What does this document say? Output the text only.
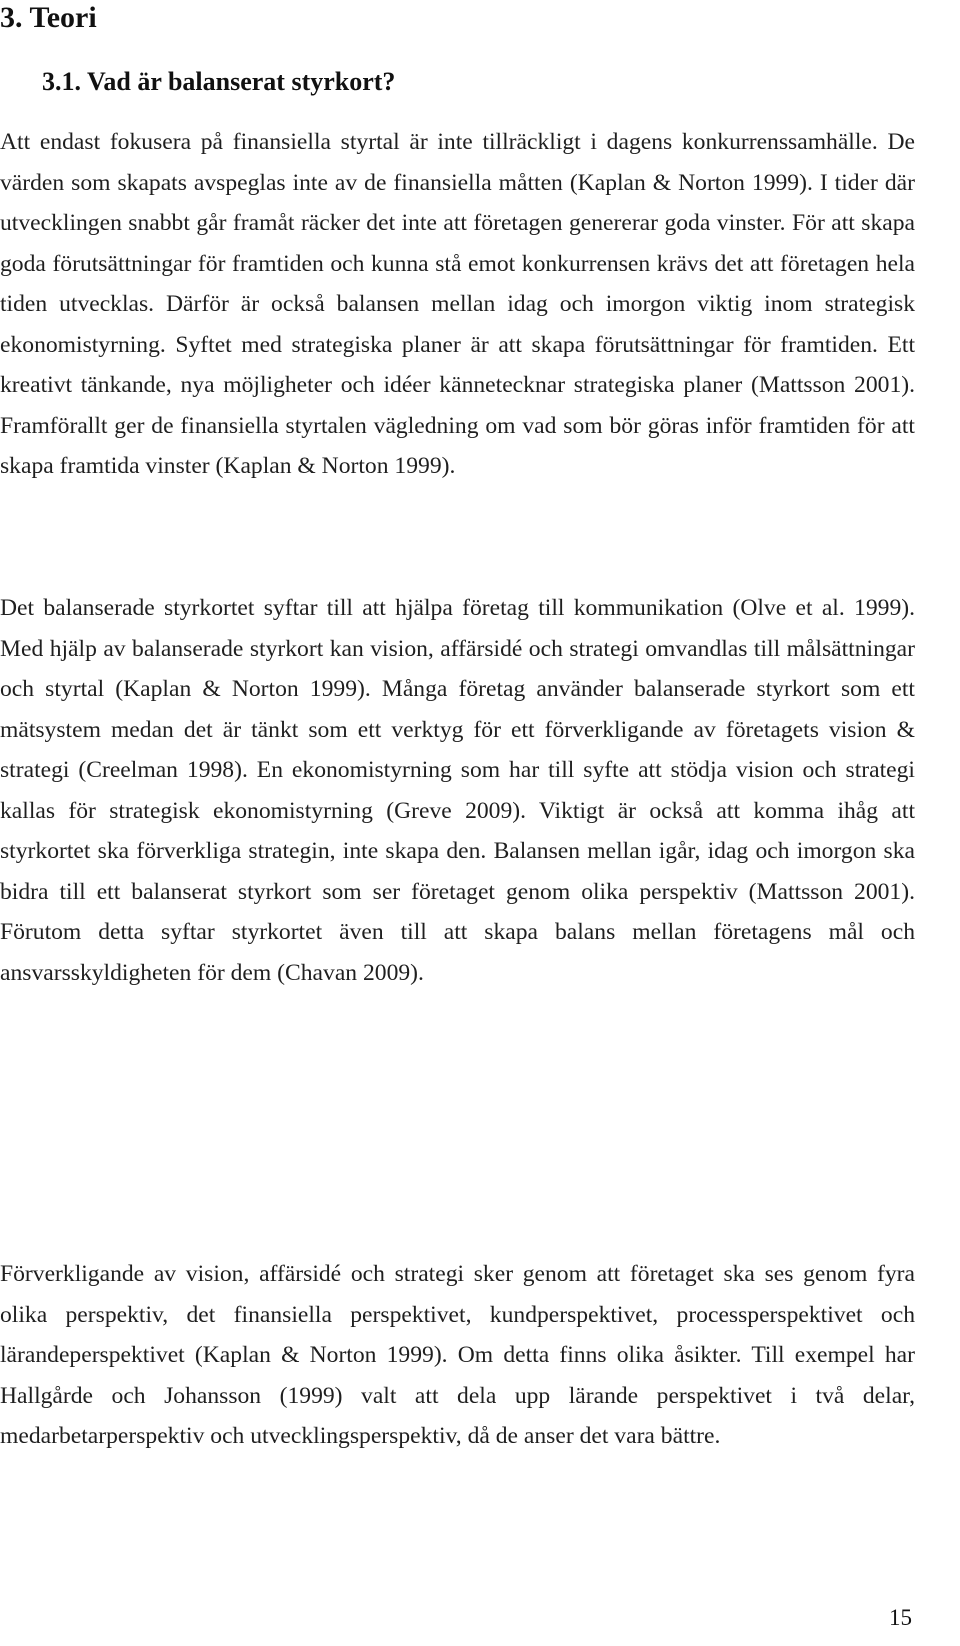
3. Teori
3.1. Vad är balanserat styrkort?

Att endast fokusera på finansiella styrtal är inte tillräckligt i dagens konkurrenssamhälle. De värden som skapats avspeglas inte av de finansiella måtten (Kaplan & Norton 1999). I tider där utvecklingen snabbt går framåt räcker det inte att företagen genererar goda vinster. För att skapa goda förutsättningar för framtiden och kunna stå emot konkurrensen krävs det att företagen hela tiden utvecklas. Därför är också balansen mellan idag och imorgon viktig inom strategisk ekonomistyrning. Syftet med strategiska planer är att skapa förutsättningar för framtiden. Ett kreativt tänkande, nya möjligheter och idéer kännetecknar strategiska planer (Mattsson 2001). Framförallt ger de finansiella styrtalen vägledning om vad som bör göras inför framtiden för att skapa framtida vinster (Kaplan & Norton 1999).

Det balanserade styrkortet syftar till att hjälpa företag till kommunikation (Olve et al. 1999). Med hjälp av balanserade styrkort kan vision, affärsidé och strategi omvandlas till målsättningar och styrtal (Kaplan & Norton 1999). Många företag använder balanserade styrkort som ett mätsystem medan det är tänkt som ett verktyg för ett förverkligande av företagets vision & strategi (Creelman 1998). En ekonomistyrning som har till syfte att stödja vision och strategi kallas för strategisk ekonomistyrning (Greve 2009). Viktigt är också att komma ihåg att styrkortet ska förverkliga strategin, inte skapa den. Balansen mellan igår, idag och imorgon ska bidra till ett balanserat styrkort som ser företaget genom olika perspektiv (Mattsson 2001). Förutom detta syftar styrkortet även till att skapa balans mellan företagens mål och ansvarsskyldigheten för dem (Chavan 2009).

Förverkligande av vision, affärsidé och strategi sker genom att företaget ska ses genom fyra olika perspektiv, det finansiella perspektivet, kundperspektivet, processperspektivet och lärandeperspektivet (Kaplan & Norton 1999). Om detta finns olika åsikter. Till exempel har Hallgårde och Johansson (1999) valt att dela upp lärande perspektivet i två delar, medarbetarperspektiv och utvecklingsperspektiv, då de anser det vara bättre.

15
